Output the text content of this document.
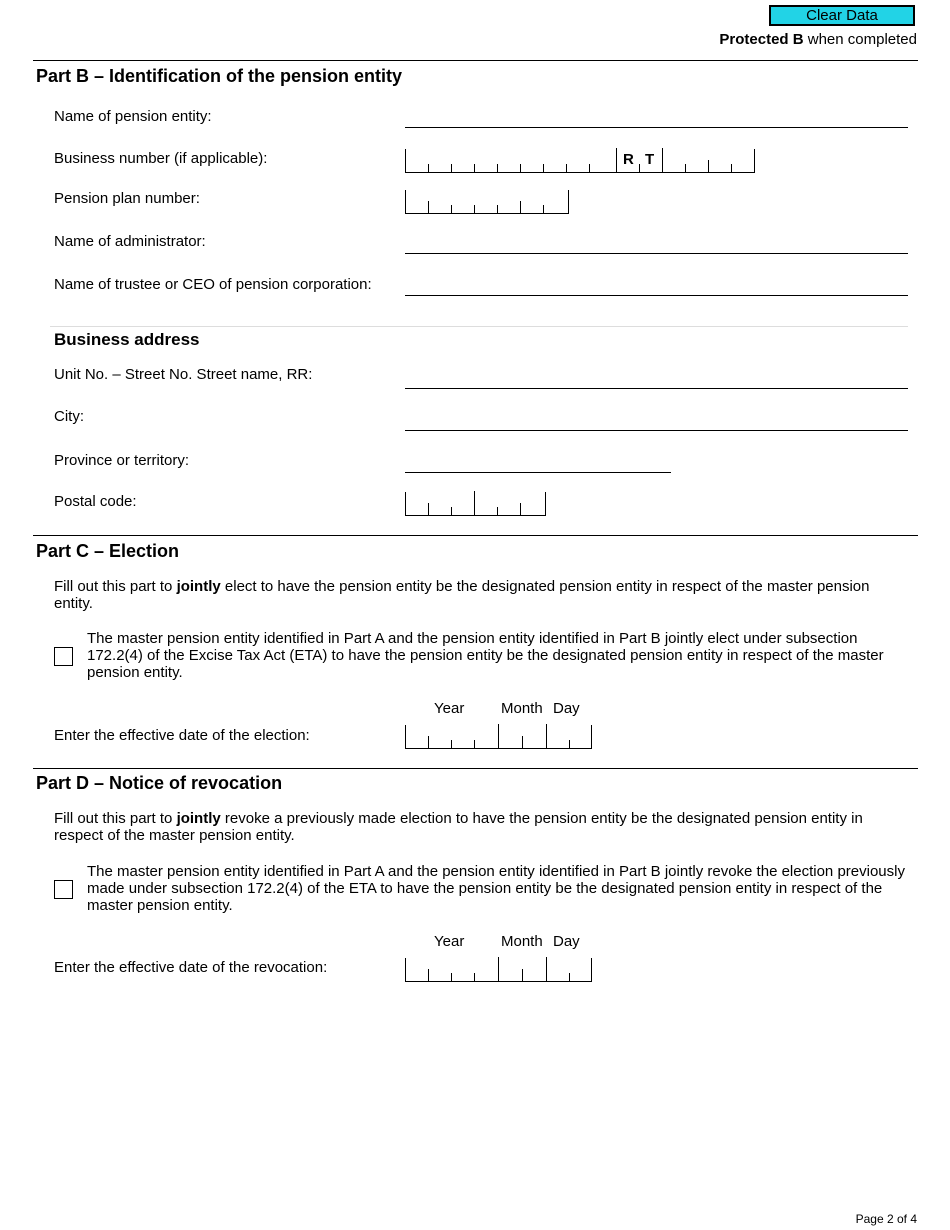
Clear Data
Protected B when completed
Part B – Identification of the pension entity
Name of pension entity:
Business number (if applicable):	R T
Pension plan number:
Name of administrator:
Name of trustee or CEO of pension corporation:
Business address
Unit No. – Street No. Street name, RR:
City:
Province or territory:
Postal code:
Part C – Election
Fill out this part to jointly elect to have the pension entity be the designated pension entity in respect of the master pension entity.
The master pension entity identified in Part A and the pension entity identified in Part B jointly elect under subsection 172.2(4) of the Excise Tax Act (ETA) to have the pension entity be the designated pension entity in respect of the master pension entity.
Year Month Day
Enter the effective date of the election:
Part D – Notice of revocation
Fill out this part to jointly revoke a previously made election to have the pension entity be the designated pension entity in respect of the master pension entity.
The master pension entity identified in Part A and the pension entity identified in Part B jointly revoke the election previously made under subsection 172.2(4) of the ETA to have the pension entity be the designated pension entity in respect of the master pension entity.
Year Month Day
Enter the effective date of the revocation:
Page 2 of 4
